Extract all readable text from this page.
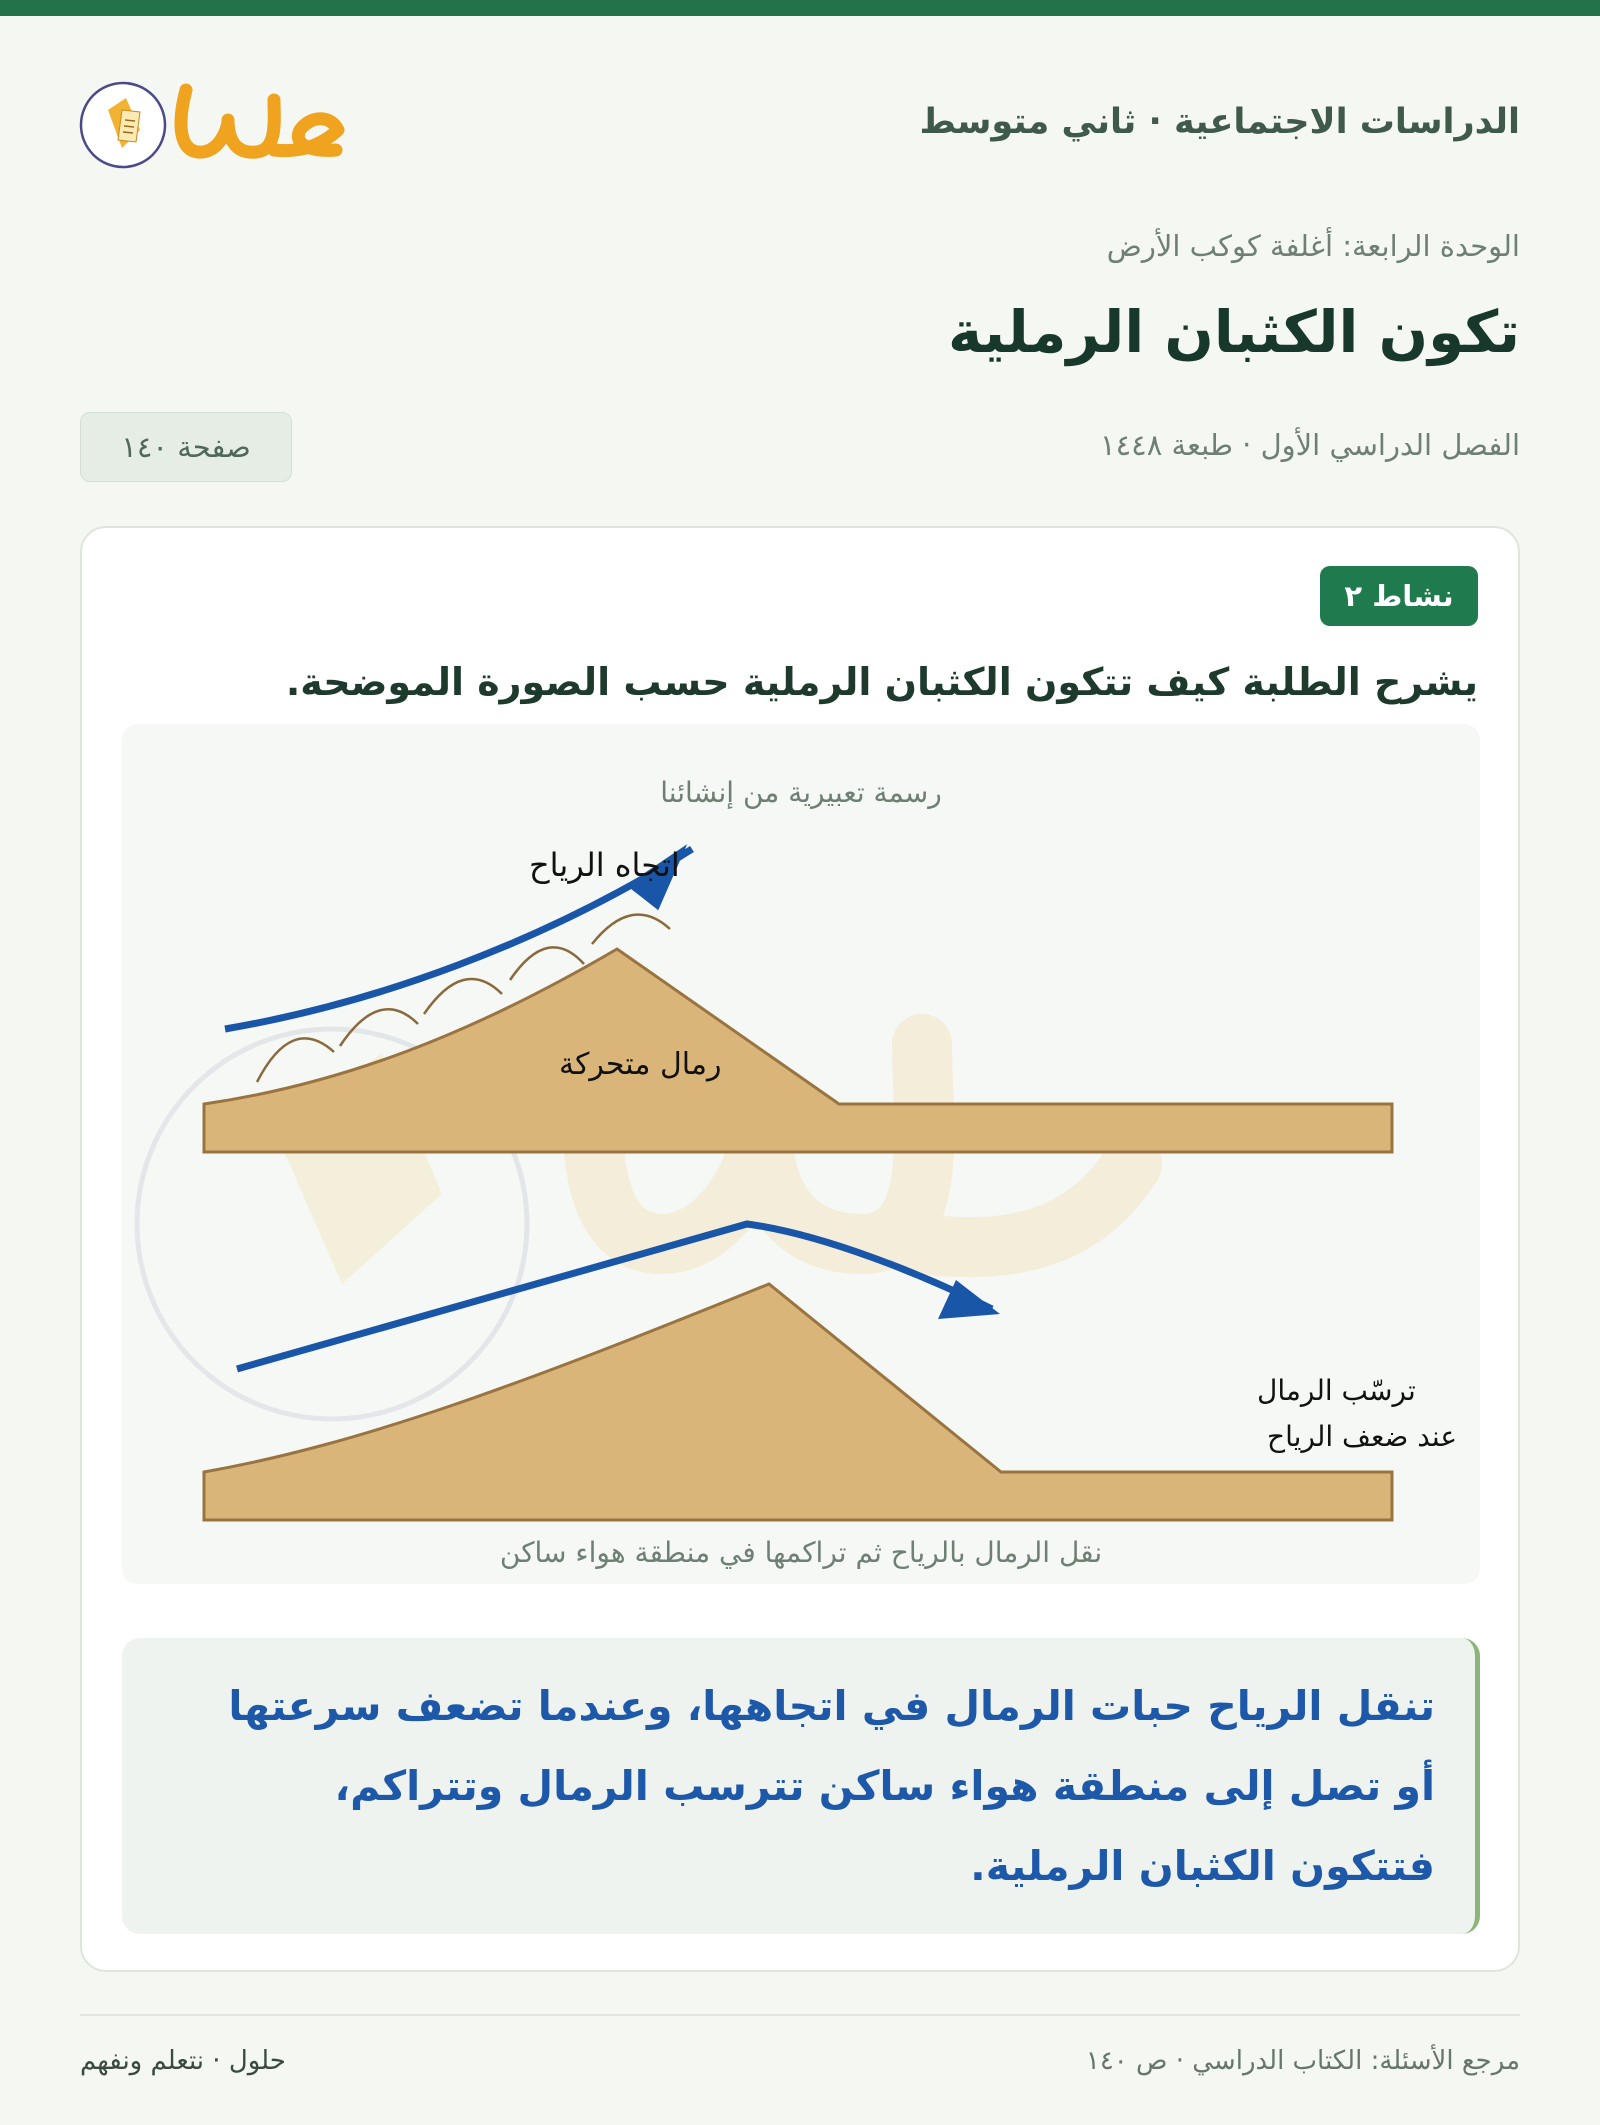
حلول
الدراسات الاجتماعية · ثاني متوسط
الوحدة الرابعة: أغلفة كوكب الأرض
تكون الكثبان الرملية
الفصل الدراسي الأول · طبعة ١٤٤٨
صفحة ١٤٠
نشاط ٢
يشرح الطلبة كيف تتكون الكثبان الرملية حسب الصورة الموضحة.
اتجاه الرياح
رمال متحركة
ترسّب الرمال
عند ضعف الرياح
رسمة تعبيرية من إنشائنا
نقل الرمال بالرياح ثم تراكمها في منطقة هواء ساكن
تنقل الرياح حبات الرمال في اتجاهها، وعندما تضعف سرعتها أو تصل إلى منطقة هواء ساكن تترسب الرمال وتتراكم، فتتكون الكثبان الرملية.
مرجع الأسئلة: الكتاب الدراسي · ص ١٤٠
حلول · نتعلم ونفهم
